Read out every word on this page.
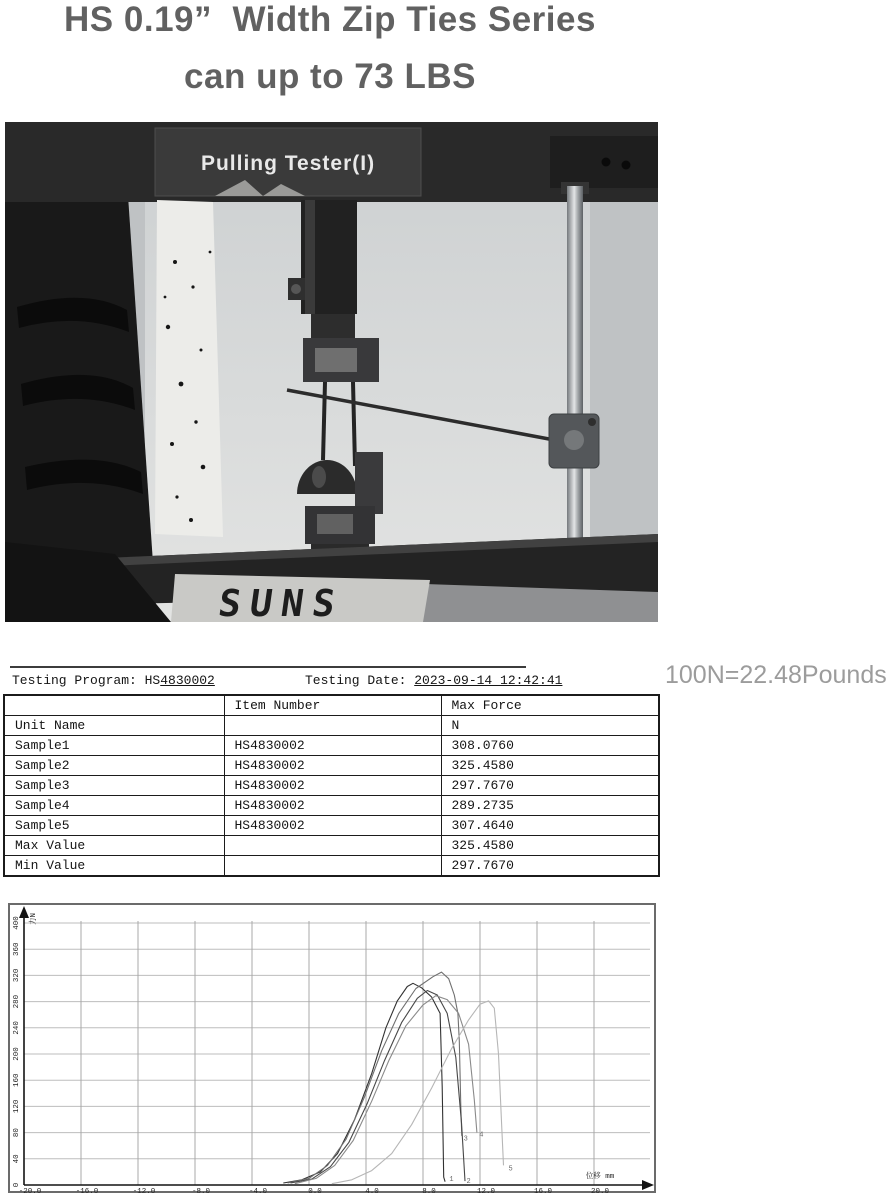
HS 0.19”  Width Zip Ties Series
can up to 73 LBS
Pulling Tester(I)
SUNS
100N=22.48Pounds
Testing Program: HS4830002	Testing Date: 2023-09-14 12:42:41
	Item Number	Max Force
Unit Name		N
Sample1	HS4830002	308.0760
Sample2	HS4830002	325.4580
Sample3	HS4830002	297.7670
Sample4	HS4830002	289.2735
Sample5	HS4830002	307.4640
Max Value		325.4580
Min Value		297.7670
-20.0	-16.0	-12.0	-8.0	-4.0	0.0	4.0	8.0	12.0	16.0	20.0
0
40
80
120
160
200
240
280
320
360
400
位移 mm
力N
1 2
3 4
5
